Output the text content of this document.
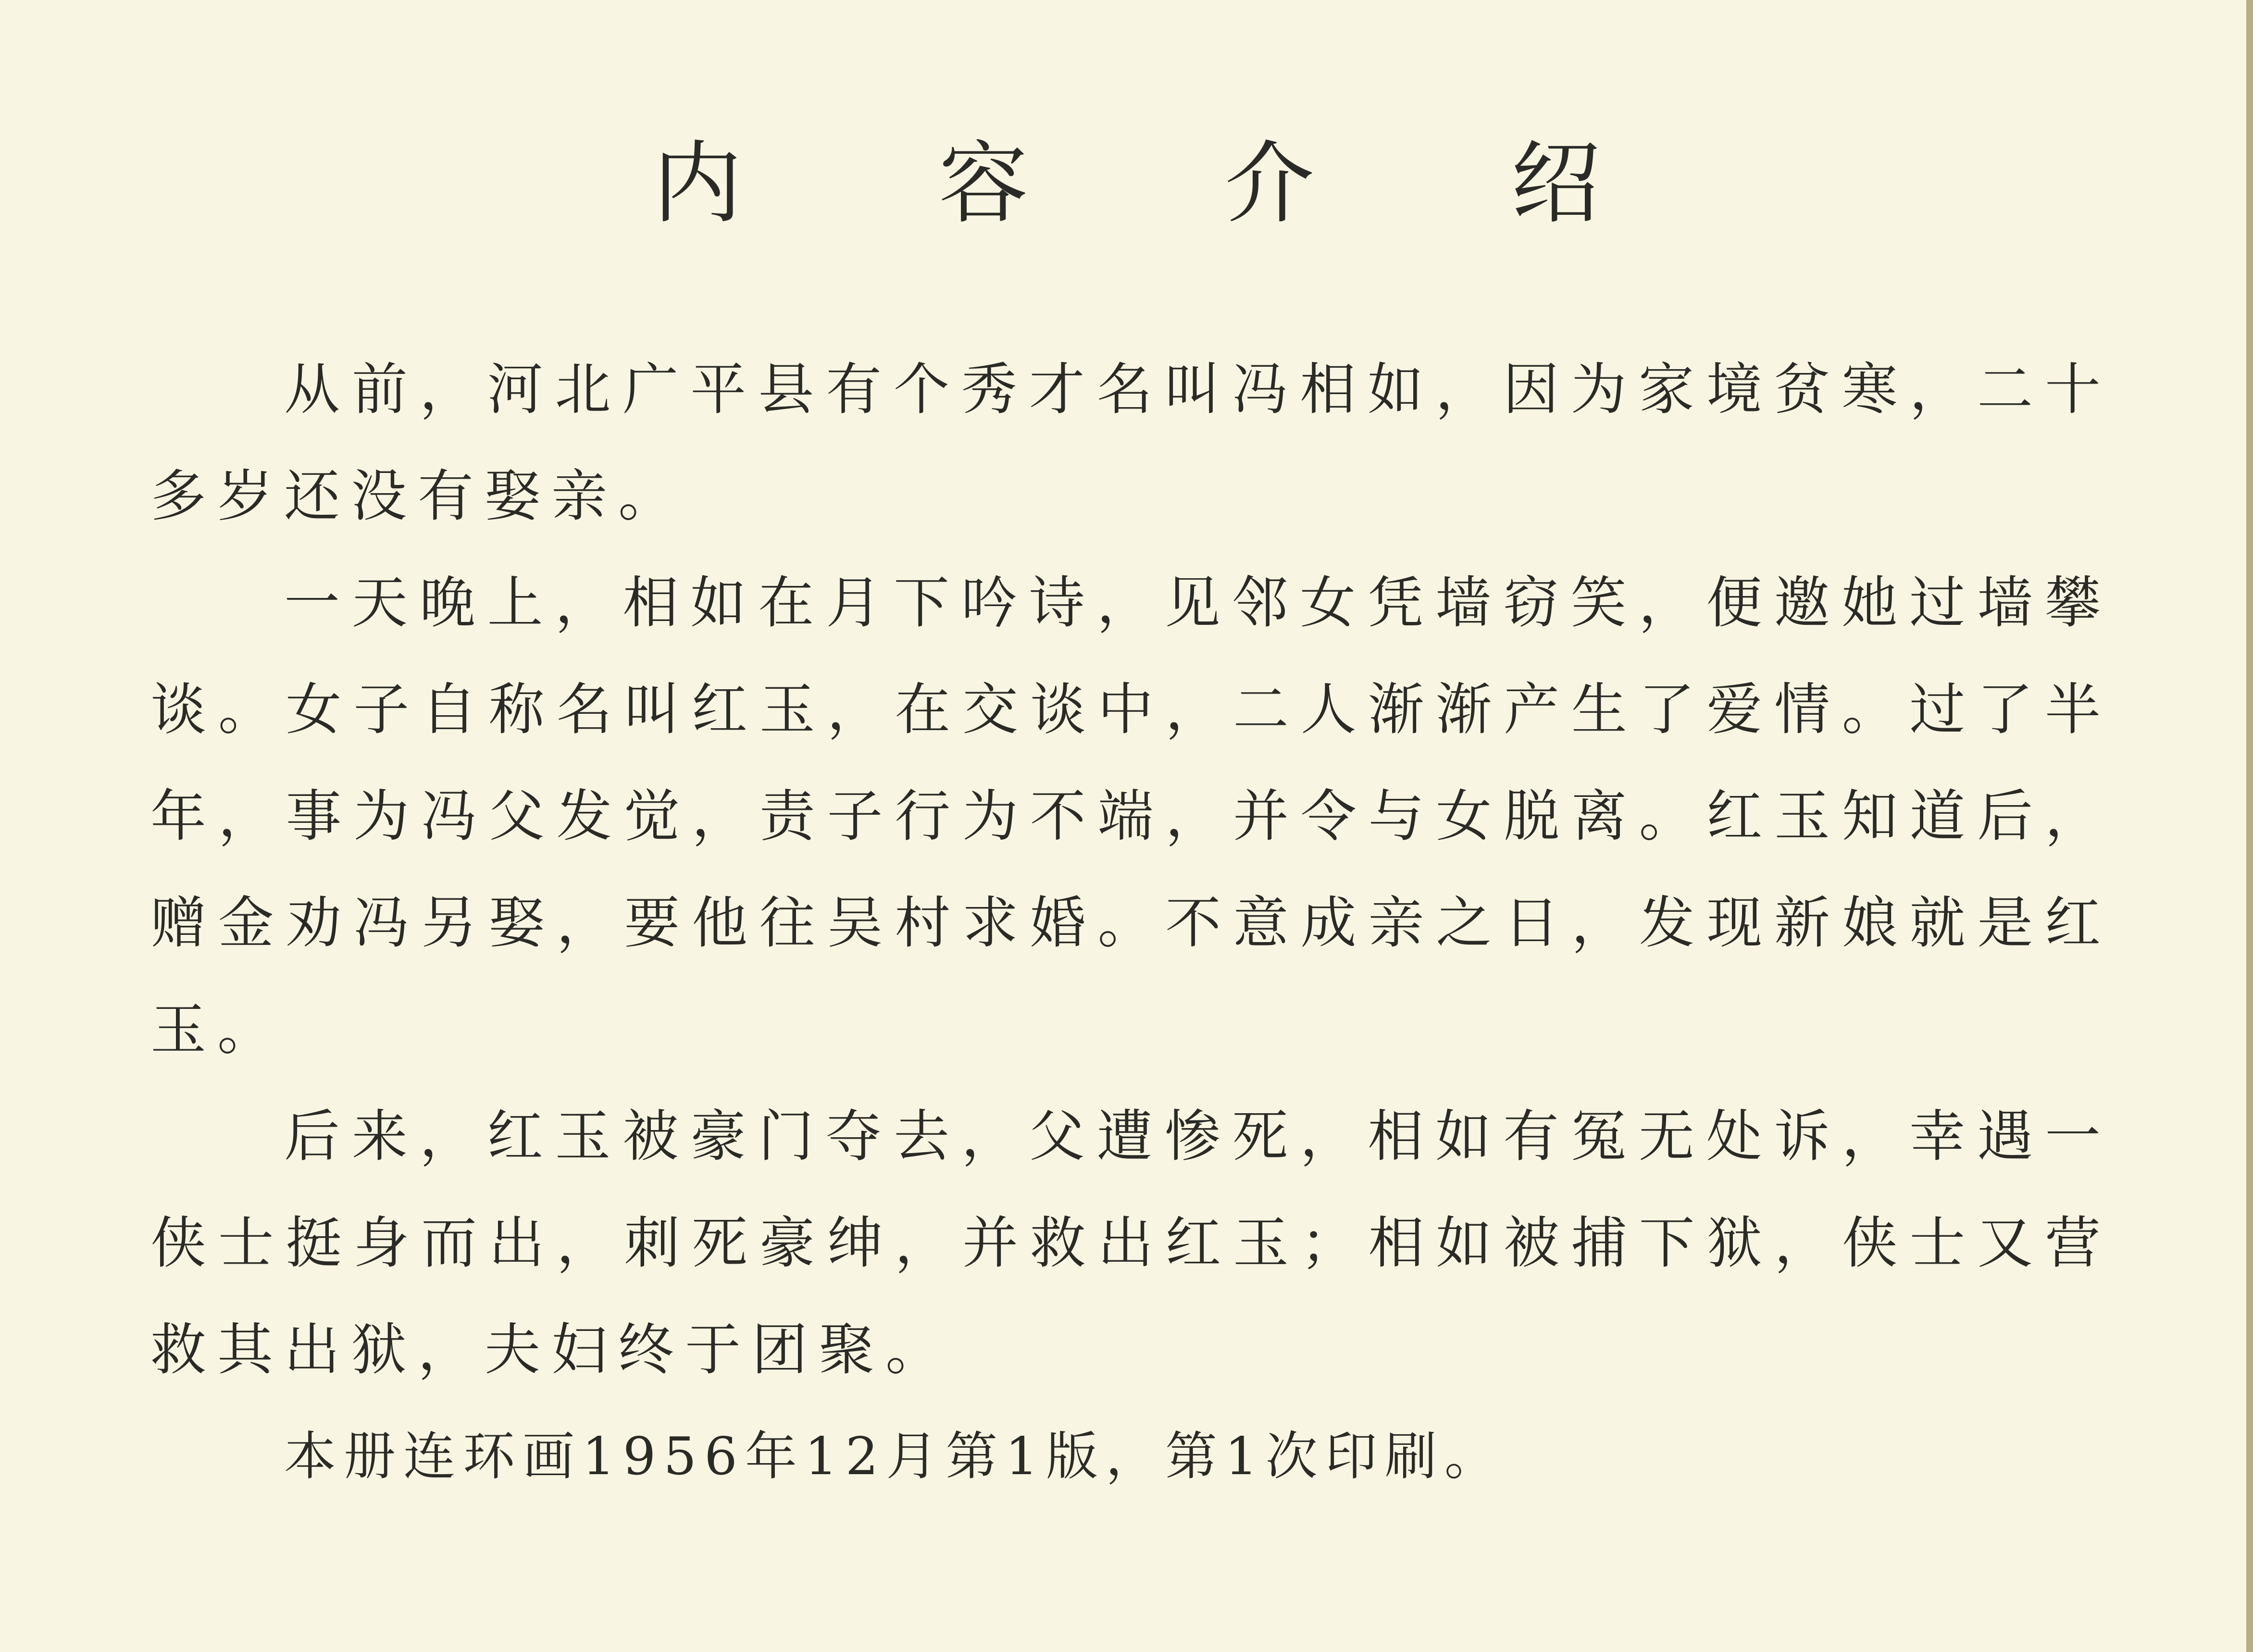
内 容 介 绍

从前，河北广平县有个秀才名叫冯相如，因为家境贫寒，二十多岁还没有娶亲。

一天晚上，相如在月下吟诗，见邻女凭墙窃笑，便邀她过墙攀谈。女子自称名叫红玉，在交谈中，二人渐渐产生了爱情。过了半年，事为冯父发觉，责子行为不端，并令与女脱离。红玉知道后，赠金劝冯另娶，要他往吴村求婚。不意成亲之日，发现新娘就是红玉。

后来，红玉被豪门夺去，父遭惨死，相如有冤无处诉，幸遇一侠士挺身而出，刺死豪绅，并救出红玉；相如被捕下狱，侠士又营救其出狱，夫妇终于团聚。

本册连环画1956年12月第1版，第1次印刷。
